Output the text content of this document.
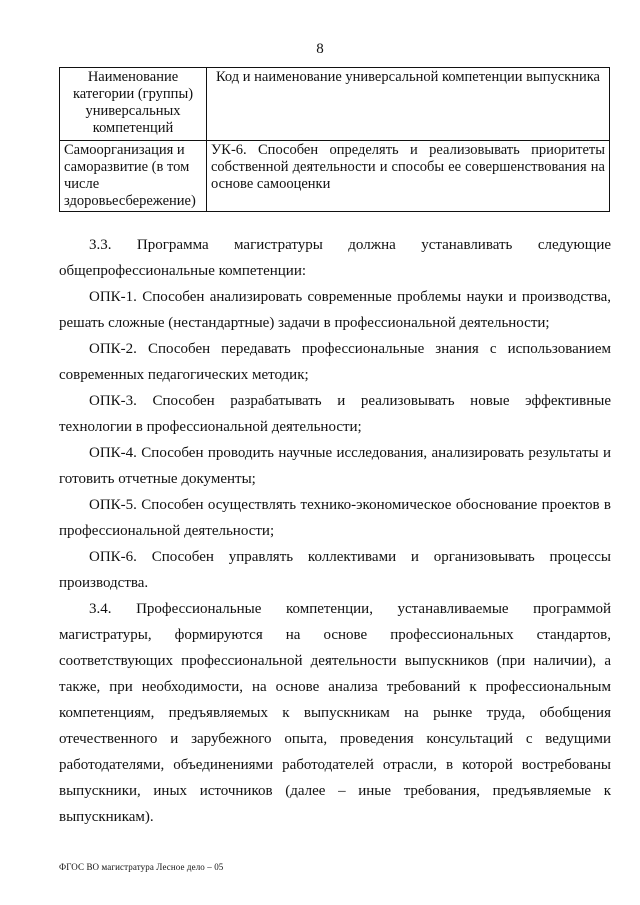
8
Наименование категории (группы) универсальных компетенций	Код и наименование универсальной компетенции выпускника
Самоорганизация и саморазвитие (в том числе здоровьесбережение)	УК-6. Способен определять и реализовывать приоритеты собственной деятельности и способы ее совершенствования на основе самооценки

3.3. Программа магистратуры должна устанавливать следующие общепрофессиональные компетенции:

ОПК-1. Способен анализировать современные проблемы науки и производства, решать сложные (нестандартные) задачи в профессиональной деятельности;

ОПК-2. Способен передавать профессиональные знания с использованием современных педагогических методик;

ОПК-3. Способен разрабатывать и реализовывать новые эффективные технологии в профессиональной деятельности;

ОПК-4. Способен проводить научные исследования, анализировать результаты и готовить отчетные документы;

ОПК-5. Способен осуществлять технико-экономическое обоснование проектов в профессиональной деятельности;

ОПК-6. Способен управлять коллективами и организовывать процессы производства.

3.4. Профессиональные компетенции, устанавливаемые программой магистратуры, формируются на основе профессиональных стандартов, соответствующих профессиональной деятельности выпускников (при наличии), а также, при необходимости, на основе анализа требований к профессиональным компетенциям, предъявляемых к выпускникам на рынке труда, обобщения отечественного и зарубежного опыта, проведения консультаций с ведущими работодателями, объединениями работодателей отрасли, в которой востребованы выпускники, иных источников (далее – иные требования, предъявляемые к выпускникам).

ФГОС ВО магистратура Лесное дело – 05
